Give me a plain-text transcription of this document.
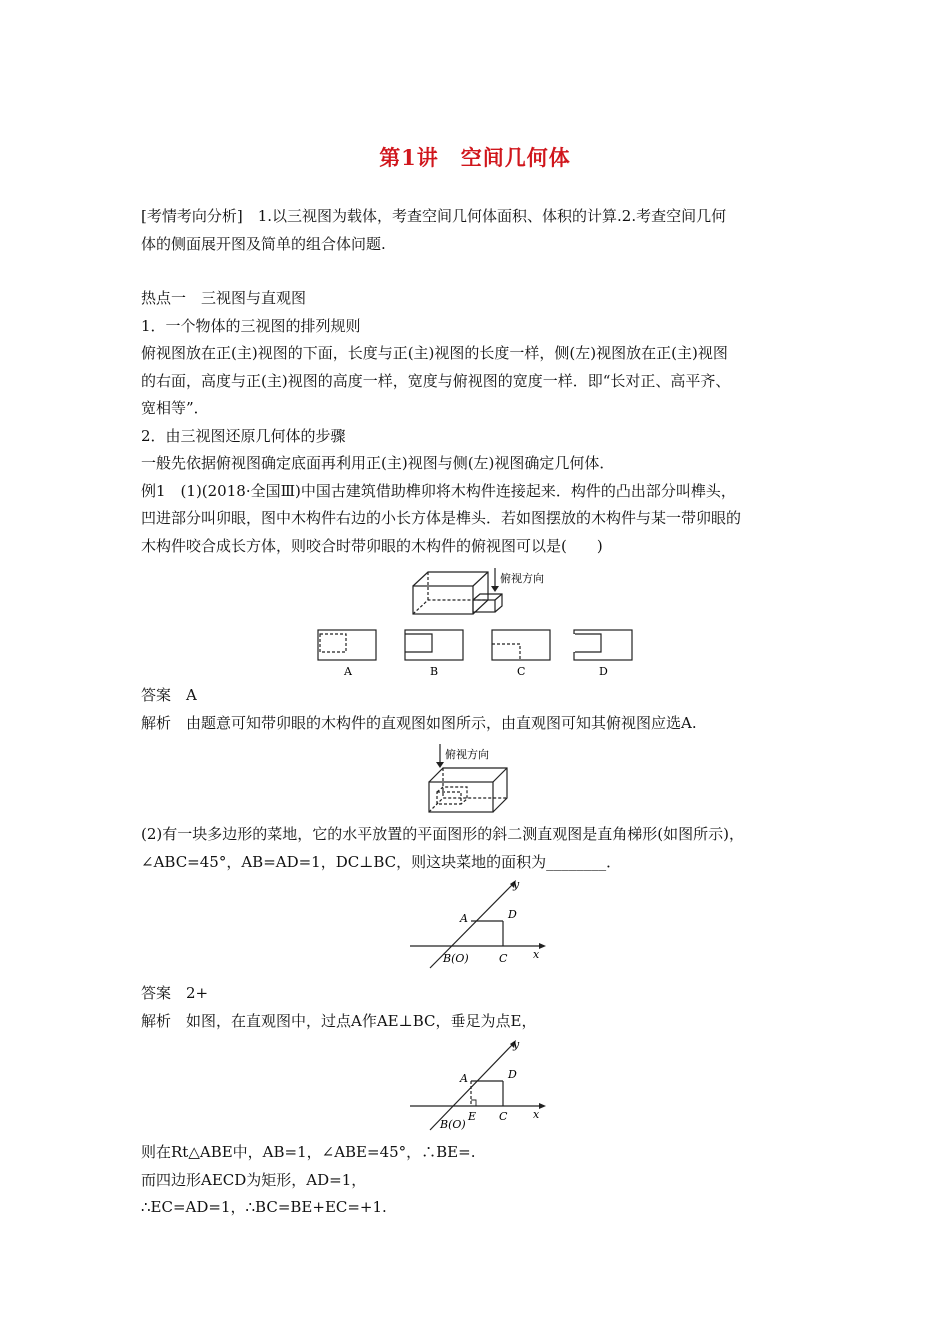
第1讲　空间几何体
[考情考向分析]　1.以三视图为载体，考查空间几何体面积、体积的计算.2.考查空间几何
体的侧面展开图及简单的组合体问题.
热点一　三视图与直观图
1．一个物体的三视图的排列规则
俯视图放在正(主)视图的下面，长度与正(主)视图的长度一样，侧(左)视图放在正(主)视图
的右面，高度与正(主)视图的高度一样，宽度与俯视图的宽度一样．即“长对正、高平齐、
宽相等”．
2．由三视图还原几何体的步骤
一般先依据俯视图确定底面再利用正(主)视图与侧(左)视图确定几何体．
例1　(1)(2018·全国Ⅲ)中国古建筑借助榫卯将木构件连接起来．构件的凸出部分叫榫头，
凹进部分叫卯眼，图中木构件右边的小长方体是榫头．若如图摆放的木构件与某一带卯眼的
木构件咬合成长方体，则咬合时带卯眼的木构件的俯视图可以是(　　)
俯视方向
A	B	C	D
答案　A
解析　由题意可知带卯眼的木构件的直观图如图所示，由直观图可知其俯视图应选A.
俯视方向
(2)有一块多边形的菜地，它的水平放置的平面图形的斜二测直观图是直角梯形(如图所示)，
∠ABC=45°，AB=AD=1，DC⊥BC，则这块菜地的面积为________．
y
x
A	D
B(O)	C
答案　2+
解析　如图，在直观图中，过点A作AE⊥BC，垂足为点E，
y
x
A	D
B(O)
C
E
则在Rt△ABE中，AB=1，∠ABE=45°，∴BE=.
而四边形AECD为矩形，AD=1，
∴EC=AD=1，∴BC=BE+EC=+1.
